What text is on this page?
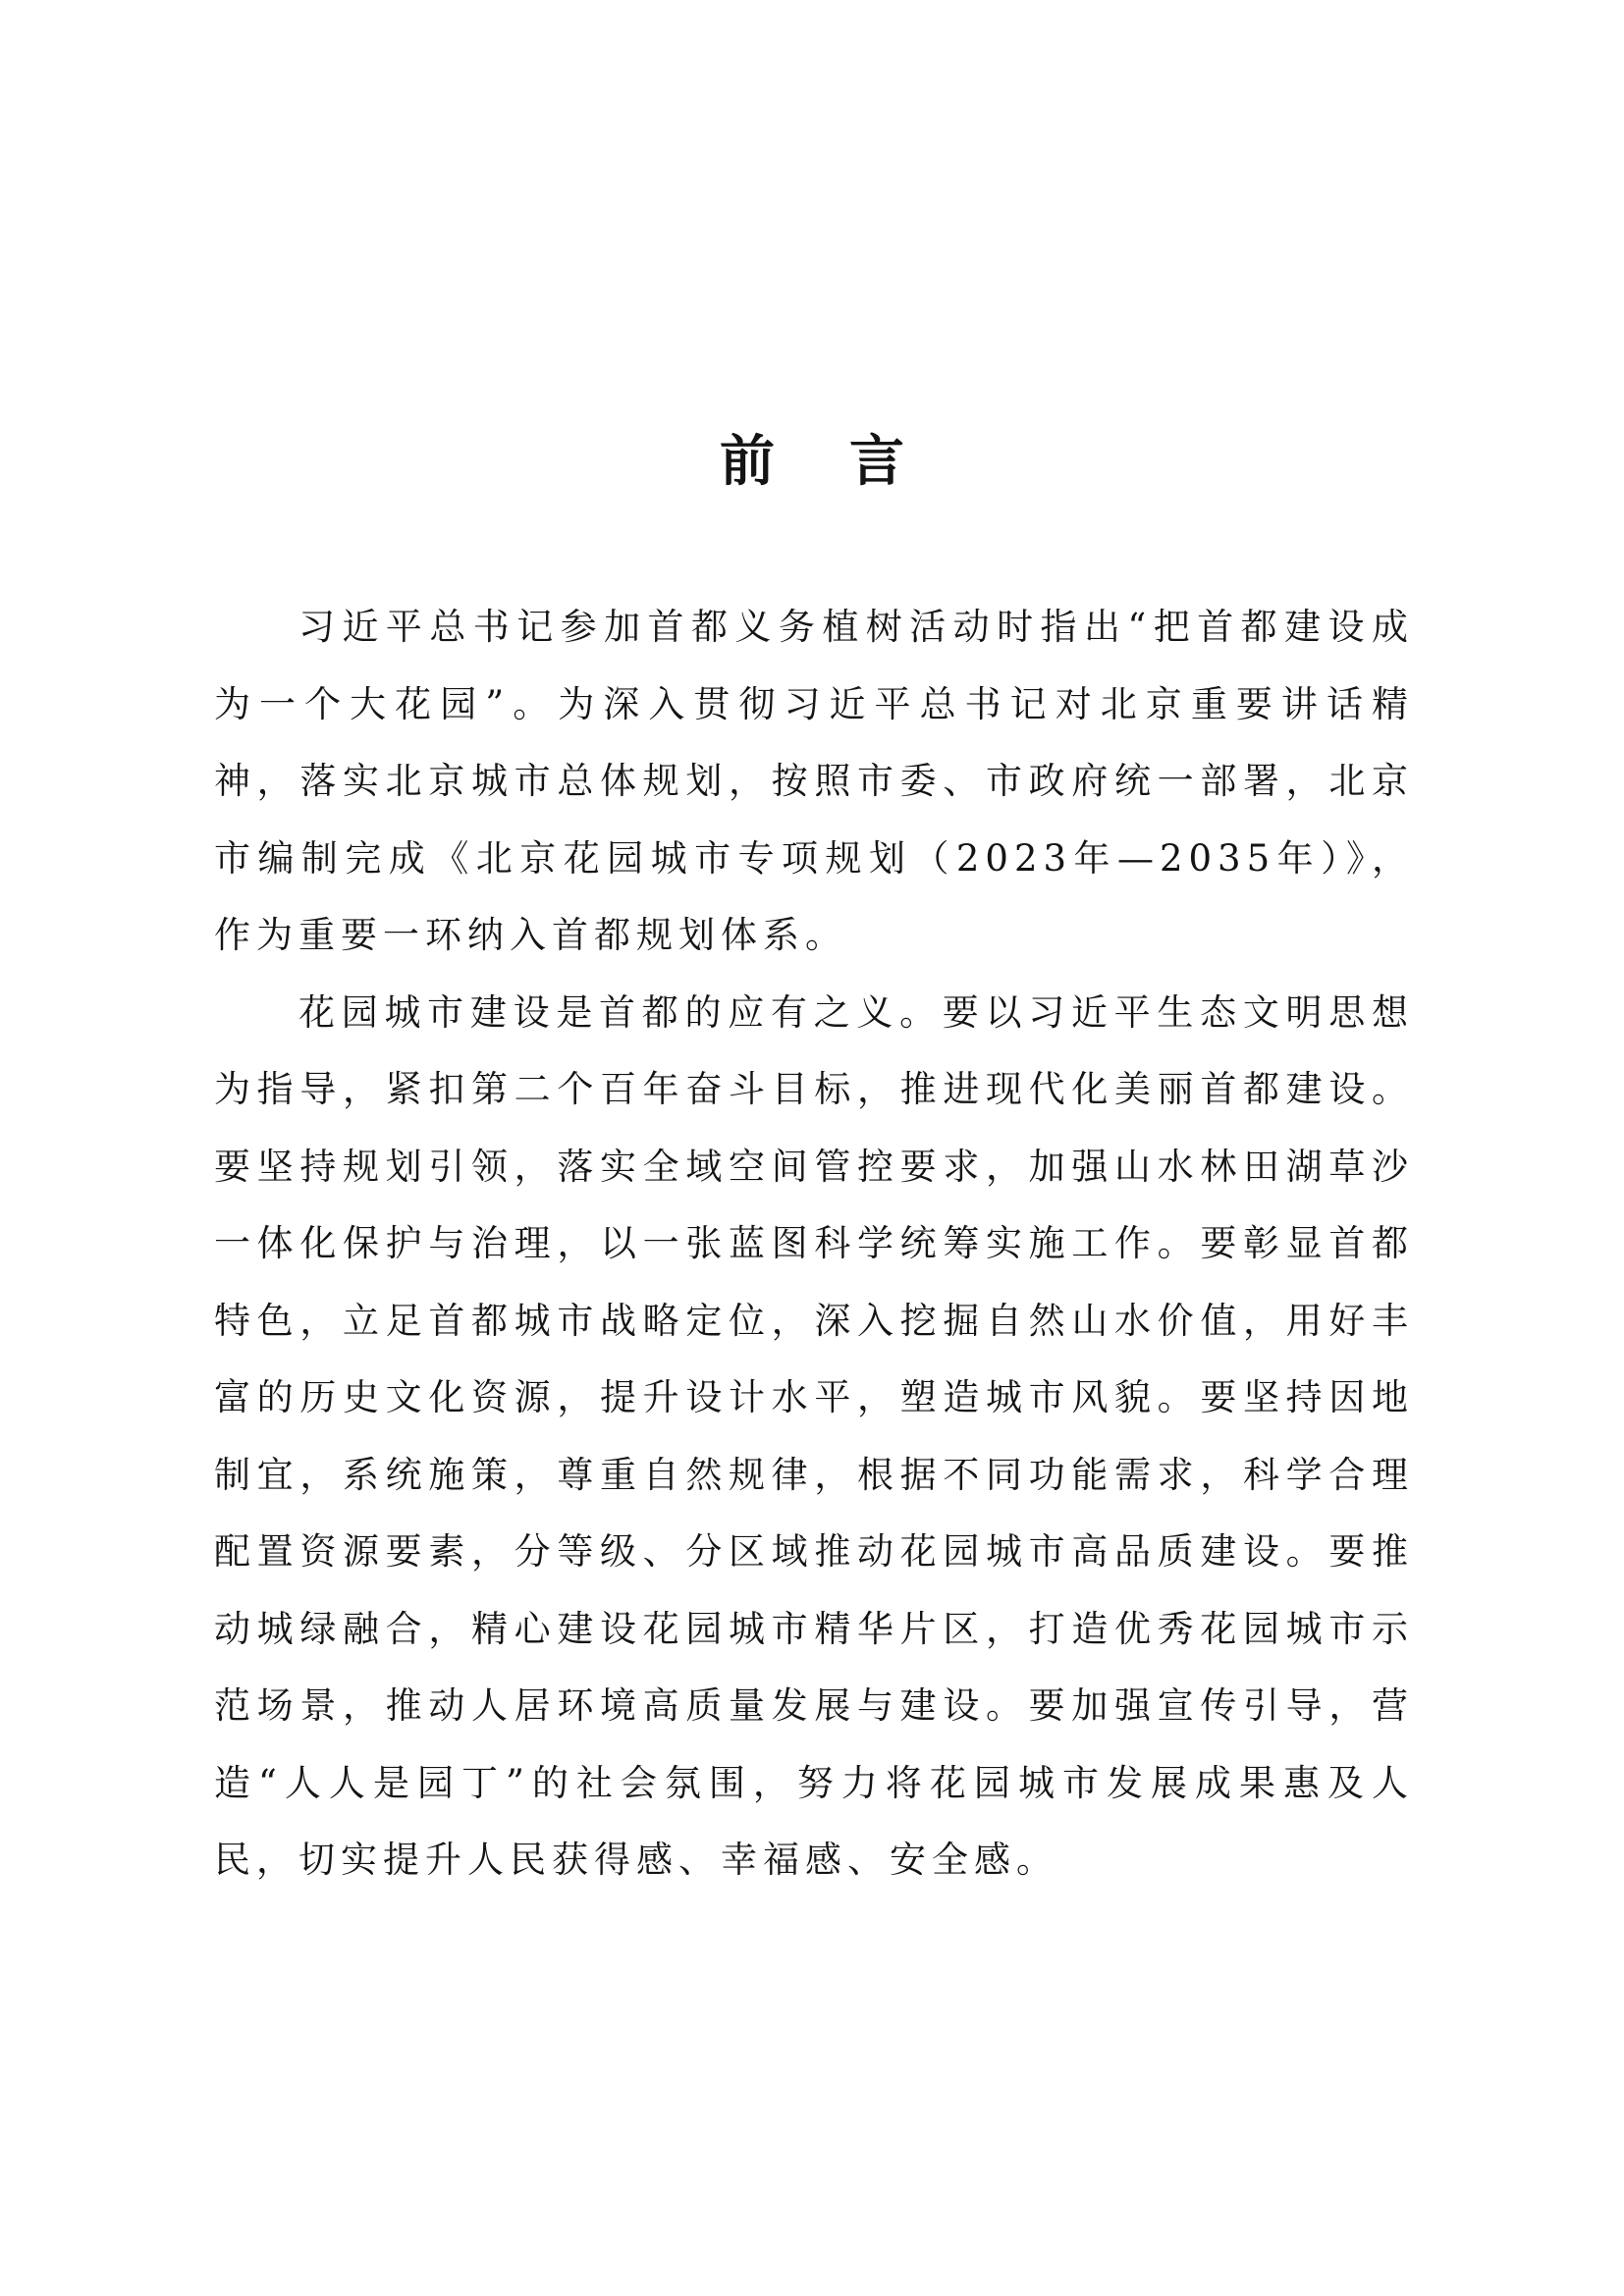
前言

习近平总书记参加首都义务植树活动时指出“把首都建设成为一个大花园”。为深入贯彻习近平总书记对北京重要讲话精神，落实北京城市总体规划，按照市委、市政府统一部署，北京市编制完成《北京花园城市专项规划（2023年—2035年）》，作为重要一环纳入首都规划体系。

花园城市建设是首都的应有之义。要以习近平生态文明思想为指导，紧扣第二个百年奋斗目标，推进现代化美丽首都建设。要坚持规划引领，落实全域空间管控要求，加强山水林田湖草沙一体化保护与治理，以一张蓝图科学统筹实施工作。要彰显首都特色，立足首都城市战略定位，深入挖掘自然山水价值，用好丰富的历史文化资源，提升设计水平，塑造城市风貌。要坚持因地制宜，系统施策，尊重自然规律，根据不同功能需求，科学合理配置资源要素，分等级、分区域推动花园城市高品质建设。要推动城绿融合，精心建设花园城市精华片区，打造优秀花园城市示范场景，推动人居环境高质量发展与建设。要加强宣传引导，营造“人人是园丁”的社会氛围，努力将花园城市发展成果惠及人民，切实提升人民获得感、幸福感、安全感。
